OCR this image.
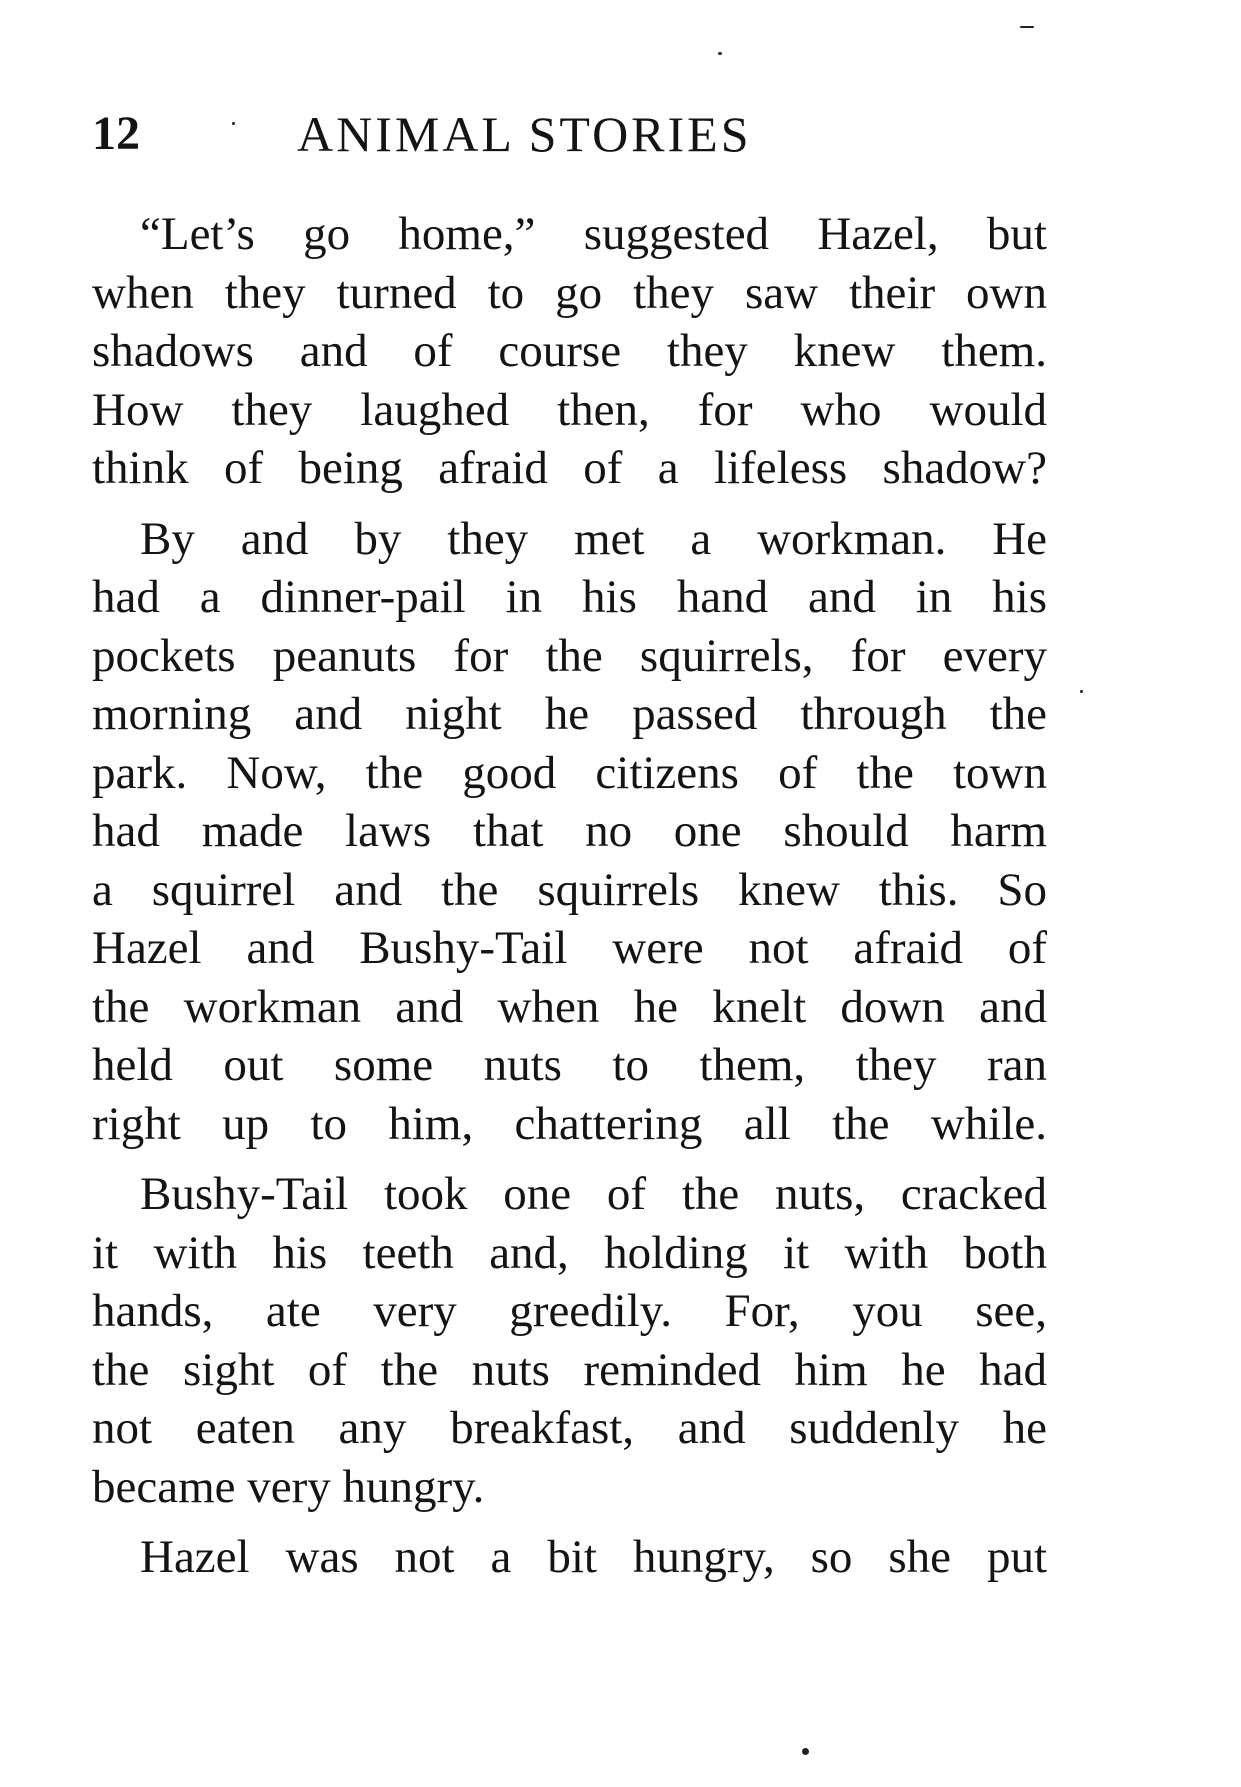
12	ANIMAL STORIES
“Let’s go home,” suggested Hazel, but
when they turned to go they saw their own
shadows and of course they knew them.
How they laughed then, for who would
think of being afraid of a lifeless shadow?
By and by they met a workman. He
had a dinner-pail in his hand and in his
pockets peanuts for the squirrels, for every
morning and night he passed through the
park. Now, the good citizens of the town
had made laws that no one should harm
a squirrel and the squirrels knew this. So
Hazel and Bushy-Tail were not afraid of
the workman and when he knelt down and
held out some nuts to them, they ran
right up to him, chattering all the while.
Bushy-Tail took one of the nuts, cracked
it with his teeth and, holding it with both
hands, ate very greedily. For, you see,
the sight of the nuts reminded him he had
not eaten any breakfast, and suddenly he
became very hungry.
Hazel was not a bit hungry, so she put
